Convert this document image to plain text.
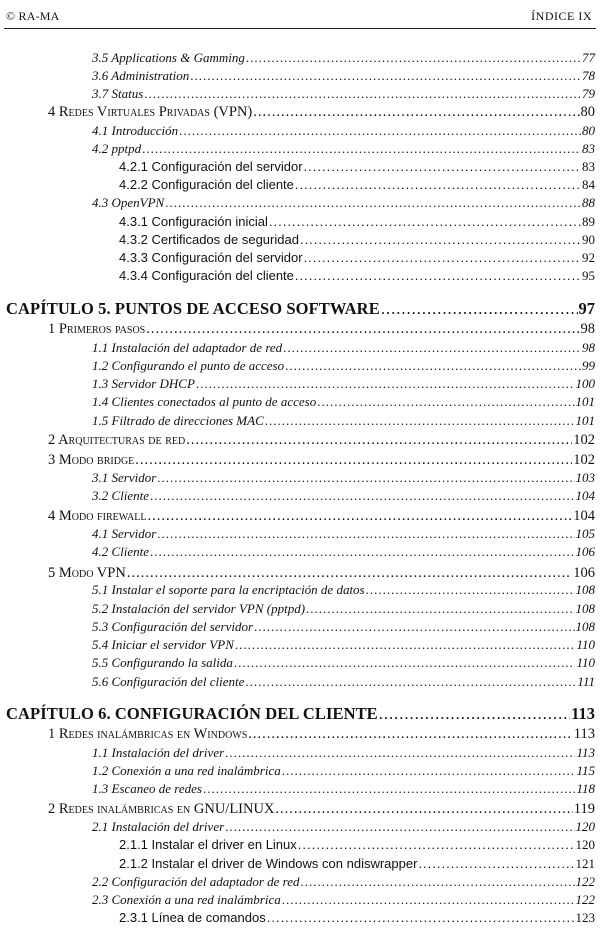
© RA-MA	ÍNDICE IX
3.5 Applications & Gamming .....	77
3.6 Administration .....	78
3.7 Status .....	79
4 Redes Virtuales Privadas (VPN) .....	80
4.1 Introducción .....	80
4.2 pptpd .....	83
4.2.1 Configuración del servidor .....	83
4.2.2 Configuración del cliente .....	84
4.3 OpenVPN .....	88
4.3.1 Configuración inicial .....	89
4.3.2 Certificados de seguridad .....	90
4.3.3 Configuración del servidor .....	92
4.3.4 Configuración del cliente .....	95
CAPÍTULO 5. PUNTOS DE ACCESO SOFTWARE .....	97
1 Primeros pasos .....	98
1.1 Instalación del adaptador de red .....	98
1.2 Configurando el punto de acceso .....	99
1.3 Servidor DHCP .....	100
1.4 Clientes conectados al punto de acceso .....	101
1.5 Filtrado de direcciones MAC .....	101
2 Arquitecturas de red .....	102
3 Modo bridge .....	102
3.1 Servidor .....	103
3.2 Cliente .....	104
4 Modo firewall .....	104
4.1 Servidor .....	105
4.2 Cliente .....	106
5 Modo VPN .....	106
5.1 Instalar el soporte para la encriptación de datos .....	108
5.2 Instalación del servidor VPN (pptpd) .....	108
5.3 Configuración del servidor .....	108
5.4 Iniciar el servidor VPN .....	110
5.5 Configurando la salida .....	110
5.6 Configuración del cliente .....	111
CAPÍTULO 6. CONFIGURACIÓN DEL CLIENTE .....	113
1 Redes inalámbricas en Windows .....	113
1.1 Instalación del driver .....	113
1.2 Conexión a una red inalámbrica .....	115
1.3 Escaneo de redes .....	118
2 Redes inalámbricas en GNU/LINUX .....	119
2.1 Instalación del driver .....	120
2.1.1 Instalar el driver en Linux .....	120
2.1.2 Instalar el driver de Windows con ndiswrapper .....	121
2.2 Configuración del adaptador de red .....	122
2.3 Conexión a una red inalámbrica .....	122
2.3.1 Línea de comandos .....	123
